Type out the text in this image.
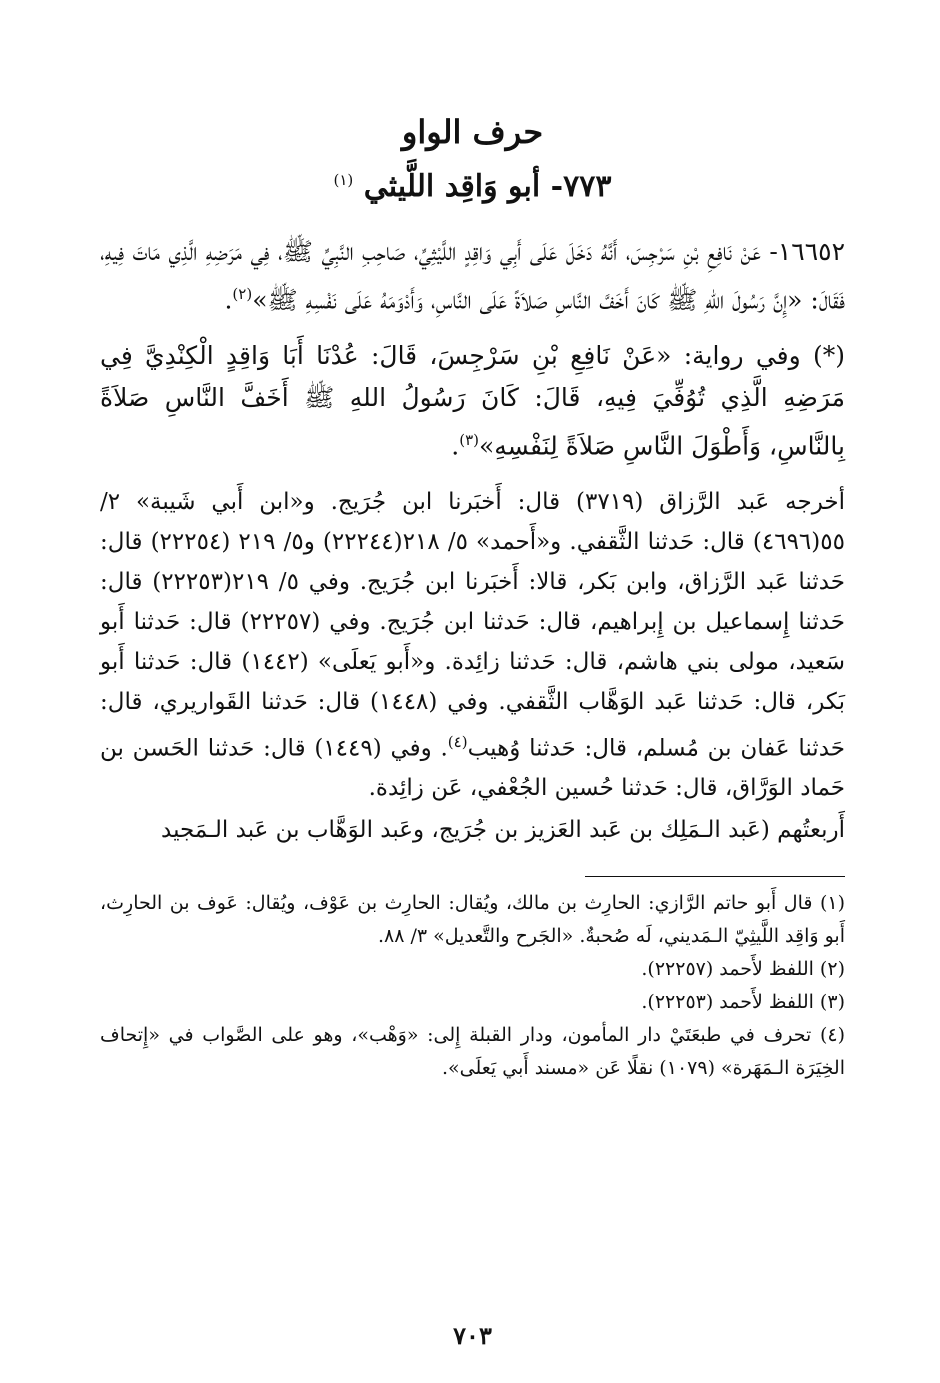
حرف الواو
٧٧٣- أبو وَاقِد اللَّيثي $^{(١)}$

١٦٦٥٢- عَنْ نَافِعِ بْنِ سَرْجِسَ، أَنَّهُ دَخَلَ عَلَى أَبِي وَاقِدٍ اللَّيْثِيِّ، صَاحِبِ النَّبِيِّ ﷺ، فِي مَرَضِهِ الَّذِي مَاتَ فِيهِ، فَقَالَ: «إِنَّ رَسُولَ اللهِ ﷺ كَانَ أَخَفَّ النَّاسِ صَلاَةً عَلَى النَّاسِ، وَأَدْوَمَهُ عَلَى نَفْسِهِ ﷺ»$^{(٢)}$.

(*) وفي رواية: «عَنْ نَافِعِ بْنِ سَرْجِسَ، قَالَ: عُدْنَا أَبَا وَاقِدٍ الْكِنْدِيَّ فِي مَرَضِهِ الَّذِي تُوُفِّيَ فِيهِ، قَالَ: كَانَ رَسُولُ اللهِ ﷺ أَخَفَّ النَّاسِ صَلاَةً بِالنَّاسِ، وَأَطْوَلَ النَّاسِ صَلاَةً لِنَفْسِهِ»$^{(٣)}$.

أخرجه عَبد الرَّزاق (٣٧١٩) قال: أَخبَرنا ابن جُرَيج. و«ابن أَبي شَيبة» ٢/ ٥٥(٤٦٩٦) قال: حَدثنا الثَّقفي. و«أَحمد» ٥/ ٢١٨(٢٢٢٤٤) و٥/ ٢١٩ (٢٢٢٥٤) قال: حَدثنا عَبد الرَّزاق، وابن بَكر، قالا: أَخبَرنا ابن جُرَيج. وفي ٥/ ٢١٩(٢٢٢٥٣) قال: حَدثنا إِسماعيل بن إِبراهيم، قال: حَدثنا ابن جُرَيج. وفي (٢٢٢٥٧) قال: حَدثنا أَبو سَعيد، مولى بني هاشم، قال: حَدثنا زائِدة. و«أَبو يَعلَى» (١٤٤٢) قال: حَدثنا أَبو بَكر، قال: حَدثنا عَبد الوَهَّاب الثَّقفي. وفي (١٤٤٨) قال: حَدثنا القَواريري، قال: حَدثنا عَفان بن مُسلم، قال: حَدثنا وُهيب$^{(٤)}$. وفي (١٤٤٩) قال: حَدثنا الحَسن بن حَماد الوَرَّاق، قال: حَدثنا حُسين الجُعْفي، عَن زائِدة.

أَربعتُهم (عَبد الـمَلِك بن عَبد العَزيز بن جُرَيج، وعَبد الوَهَّاب بن عَبد الـمَجيد

(١) قال أَبو حاتم الرَّازي: الحارِث بن مالك، ويُقال: الحارِث بن عَوْف، ويُقال: عَوف بن الحارِث، أَبو وَاقِد اللَّيثِيّ الـمَديني، لَه صُحبةٌ. «الجَرح والتَّعديل» ٣/ ٨٨.

(٢) اللفظ لأَحمد (٢٢٢٥٧).

(٣) اللفظ لأَحمد (٢٢٢٥٣).

(٤) تحرف في طبعَتَيْ دار المأمون، ودار القبلة إِلى: «وَهْب»، وهو على الصَّواب في «إِتحاف الخِيَرَة الـمَهَرة» (١٠٧٩) نقلًا عَن «مسند أَبي يَعلَى».

٧٠٣
